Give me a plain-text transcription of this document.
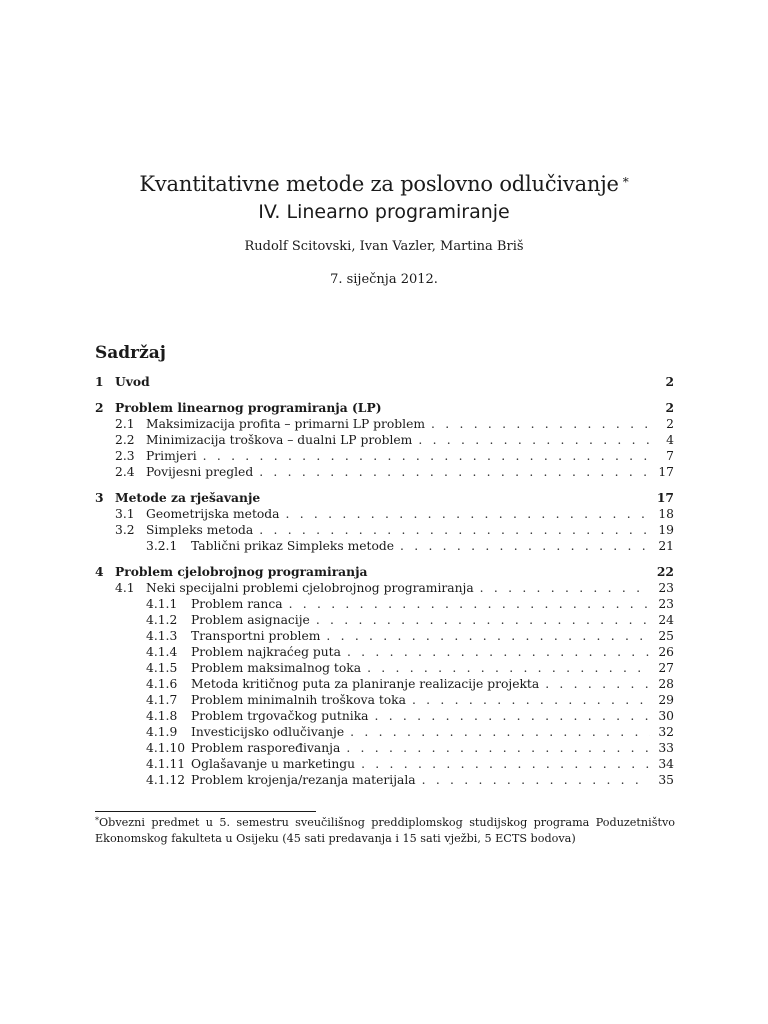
Kvantitativne metode za poslovno odlučivanje *
IV. Linearno programiranje
Rudolf Scitovski, Ivan Vazler, Martina Briš
7. siječnja 2012.
Sadržaj
1 Uvod	2
2 Problem linearnog programiranja (LP)	2
2.1 Maksimizacija profita – primarni LP problem . . .	2
2.2 Minimizacija troškova – dualni LP problem . . .	4
2.3 Primjeri . . .	7
2.4 Povijesni pregled . . .	17
3 Metode za rješavanje	17
3.1 Geometrijska metoda . . .	18
3.2 Simpleks metoda . . .	19
3.2.1	Tablični prikaz Simpleks metode . . .	21
4 Problem cjelobrojnog programiranja	22
4.1 Neki specijalni problemi cjelobrojnog programiranja . . .	23
4.1.1	Problem ranca . . .	23
4.1.2	Problem asignacije . . .	24
4.1.3	Transportni problem . . .	25
4.1.4	Problem najkraćeg puta . . .	26
4.1.5	Problem maksimalnog toka . . .	27
4.1.6	Metoda kritičnog puta za planiranje realizacije projekta . . .	28
4.1.7	Problem minimalnih troškova toka . . .	29
4.1.8	Problem trgovačkog putnika . . .	30
4.1.9	Investicijsko odlučivanje . . .	32
4.1.10 Problem raspoređivanja . . .	33
4.1.11 Oglašavanje u marketingu . . .	34
4.1.12 Problem krojenja/rezanja materijala . . .	35
*Obvezni predmet u 5. semestru sveučilišnog preddiplomskog studijskog programa Poduzetništvo Ekonomskog fakulteta u Osijeku (45 sati predavanja i 15 sati vježbi, 5 ECTS bodova)
